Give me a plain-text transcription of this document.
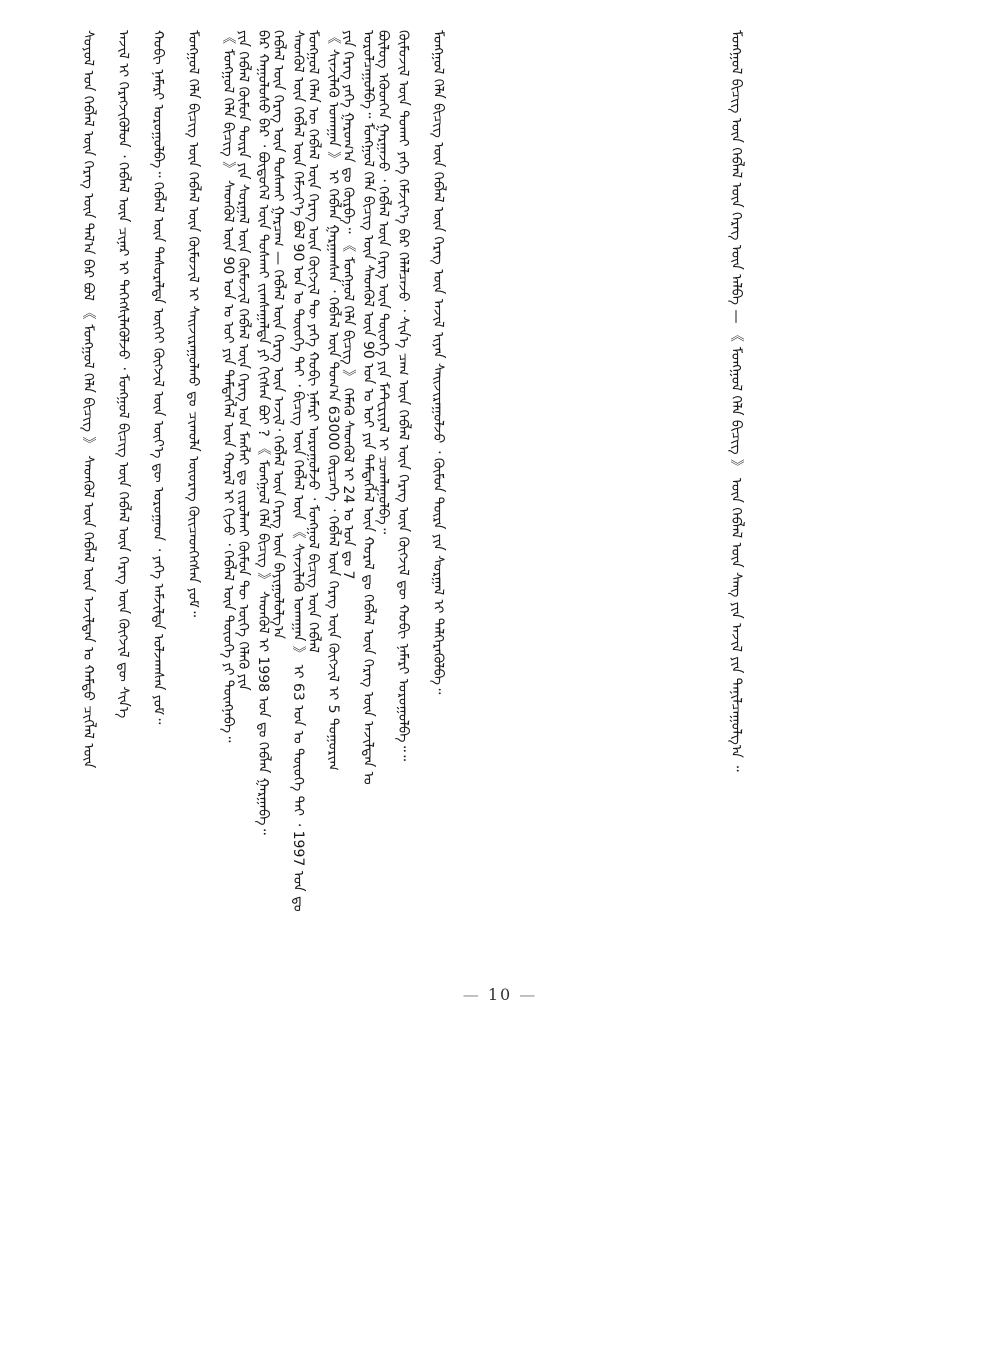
ᠶᠢᠨ ᠬᠡᠪᠯᠡᠯ ᠬᠦᠮᠦᠨ ᠲᠦᠷᠡ ᠶᠢᠨ ᠰᠤᠷᠭᠠᠯ ᠦᠨ ᠬᠥᠮᠦᠵᠢᠯ ᠬᠡᠪᠯᠡᠯ ᠦᠨ ᠬᠡᠷᠡᠭ ᠤᠨ ᠮᠠᠩᠯᠠᠶ ᠳᠤ ᠵᠢᠷᠤᠯᠬᠠᠢ ᠬᠦᠮᠦᠨ ᠲᠦ ᠦᠭᠡ ᠬᠡᠯᠡᠬᠦ ᠶᠢᠨ	ᠬᠡᠪᠯᠡᠯ ᠦᠨ ᠬᠡᠷᠡᠭ ᠦᠨ ᠲᠤᠰᠬᠠᠢ ᠭᠠᠷᠴᠠᠭ — ᠬᠡᠪᠯᠡᠯ ᠦᠨ ᠬᠡᠷᠡᠭ ᠦᠨ ᠠᠵᠢᠯ᠂ ᠬᠡᠪᠯᠡᠯ ᠦᠨ ᠬᠡᠷᠡᠭ ᠦᠨ ᠪᠠᠶᠢᠭᠤᠯᠤᠯᠭ᠎ᠠ	ᠮᠣᠩᠭᠤᠯ ᠬᠡᠯᠡᠨ ᠦ ᠬᠡᠪᠯᠡᠯ ᠦᠨ ᠬᠡᠷᠡᠭ ᠦᠨ ᠬᠥᠭᠵᠢᠯ ᠲᠦ ᠶᠡᠬᠡ ᠬᠤᠪᠢ ᠨᠡᠮᠡᠷᠢ ᠣᠷᠣᠭᠤᠯᠵᠤ ᠂ ᠮᠣᠩᠭᠤᠯ ᠪᠢᠴᠢᠭ ᠦᠨ ᠬᠡᠪᠯᠡᠯ	ᠶᠢᠨ ᠬᠡᠷᠡᠭ ᠶᠡᠬᠡ ᠭᠠᠷᠤᠭ᠎ᠠ ᠳᠤ ᠬᠦᠷᠪᠡ᠃ 《 ᠮᠣᠩᠭᠤᠯ ᠬᠡᠯᠡ ᠪᠢᠴᠢᠭ 》 ᠬᠡᠮᠡᠬᠦ ᠰᠡᠳᠬᠦᠯ ᠢ 24 ᠣ ᠣᠨ ᠳᠤ 7	ᠪᠦᠯᠦᠭ ᠡᠭᠦᠳᠬᠡᠨ ᠭᠠᠷᠭᠠᠵᠤ ᠂ ᠬᠡᠪᠯᠡᠯ ᠦᠨ ᠬᠡᠷᠡᠭ ᠦᠨ ᠲᠦᠦᠬᠡ ᠶᠢᠨ ᠮᠠᠲᠧᠷᠢᠶᠠᠯ ᠢ ᠴᠤᠭᠯᠠᠭᠤᠯᠪᠠ᠃	ᠮᠣᠩᠭᠤᠯ ᠪᠢᠴᠢᠭ ᠦᠨ ᠬᠡᠪᠯᠡᠯ ᠦᠨ ᠬᠡᠷᠡᠭ ᠦᠨ ᠠᠯᠪᠠ — 《 ᠮᠣᠩᠭᠤᠯ ᠬᠡᠯᠡ ᠪᠢᠴᠢᠭ 》 ᠦᠨ ᠬᠡᠪᠯᠡᠯ ᠦᠨ ᠰᠠᠩ ᠶᠢᠨ ᠠᠵᠢᠯ ᠶᠢᠨ ᠲᠠᠨᠢᠯᠴᠠᠭᠤᠯᠭ᠎ᠠ ᠃
ᠰᠣᠶᠤᠯ ᠤᠨ ᠬᠡᠪᠯᠡᠯ ᠦᠨ ᠬᠡᠷᠡᠭ ᠦᠨ ᠲᠠᠯ᠎ᠠ ᠪᠠᠷ ᠪᠣᠯ 《 ᠮᠣᠩᠭᠤᠯ ᠬᠡᠯᠡ ᠪᠢᠴᠢᠭ 》 ᠰᠡᠳᠬᠦᠯ ᠦᠨ ᠬᠡᠪᠯᠡᠯ ᠦᠨ ᠠᠵᠢᠯᠲᠠᠨ ᠤ ᠬᠠᠮᠲᠤ ᠴᠢᠭᠯᠡᠯ ᠦᠨ	ᠠᠵᠢᠯ ᠢ ᠬᠡᠷᠡᠭᠵᠢᠭᠦᠯᠦᠨ ᠂ ᠬᠡᠪᠯᠡᠯ ᠦᠨ ᠴᠢᠨᠠᠷ ᠢ ᠳᠡᠭᠡᠭᠰᠢᠯᠡᠭᠦᠯᠵᠦ ᠂ ᠮᠣᠩᠭᠤᠯ ᠪᠢᠴᠢᠭ ᠦᠨ ᠬᠡᠪᠯᠡᠯ ᠦᠨ ᠬᠡᠷᠡᠭ ᠦᠨ ᠬᠥᠭᠵᠢᠯ ᠳᠦ ᠰᠢᠨ᠎ᠡ	ᠬᠤᠪᠢ ᠨᠡᠮᠡᠷᠢ ᠣᠷᠣᠭᠤᠯᠪᠠ᠃ ᠬᠡᠪᠯᠡᠯ ᠦᠨ ᠲᠠᠰᠤᠷᠠᠯᠲᠠ ᠦᠭᠡᠢ ᠬᠦᠭᠵᠢᠯ ᠦᠨ ᠦᠶ᠎ᠡ ᠳᠦ ᠣᠷᠣᠭᠠᠳ ᠂ ᠶᠡᠬᠡ ᠠᠮᠵᠢᠯᠲᠠ ᠣᠯᠵᠠᠭᠰᠠᠨ ᠶᠤᠮ᠃	ᠮᠣᠩᠭᠤᠯ ᠬᠡᠯᠡ ᠪᠢᠴᠢᠭ ᠦᠨ ᠬᠡᠪᠯᠡᠯ ᠦᠨ ᠬᠥᠮᠦᠵᠢᠯ ᠢ ᠰᠠᠢᠵᠢᠷᠠᠭᠤᠯᠬᠤ ᠳᠤ ᠴᠢᠬᠤᠯᠠ ᠦᠦᠷᠡᠭ ᠭᠦᠢᠴᠡᠳᠬᠡᠭᠰᠡᠨ ᠶᠤᠮ᠃	《 ᠮᠣᠩᠭᠤᠯ ᠬᠡᠯᠡ ᠪᠢᠴᠢᠭ 》 ᠰᠡᠳᠬᠦᠯ ᠦᠨ 90 ᠣᠨ ᠤ ᠣᠢ ᠶᠢᠨ ᠲᠡᠮᠳᠡᠭᠯᠡᠯ ᠦᠨ ᠬᠤᠷᠠᠯ ᠢ ᠬᠢᠵᠦ ᠂ ᠬᠡᠪᠯᠡᠯ ᠦᠨ ᠲᠦᠦᠬᠡ ᠶᠢ ᠳᠦᠩᠨᠡᠪᠡ᠃	ᠪᠠᠷ ᠬᠠᠭᠤᠯᠤᠰᠤ ᠪᠠᠷ ᠂ ᠪᠦᠲᠦᠭᠡᠯ ᠦᠨ ᠲᠤᠰᠬᠠᠢ ᠵᠢᠭᠰᠠᠭᠠᠯᠲᠠ ᠶᠢ ᠬᠢᠭᠰᠡᠨ ᠪᠤᠢ ? 《 ᠮᠣᠩᠭᠤᠯ ᠬᠡᠯᠡ ᠪᠢᠴᠢᠭ 》 ᠰᠡᠳᠬᠦᠯ ᠢ 1998 ᠣᠨ ᠳᠤ ᠬᠡᠪᠯᠡᠨ ᠭᠠᠷᠭᠠᠪᠠ᠃	ᠰᠡᠳᠬᠦᠯ ᠦᠨ ᠬᠡᠪᠯᠡᠯ ᠦᠨ ᠬᠡᠮᠵᠢᠶ᠎ᠡ ᠪᠣᠯ 90 ᠣᠨ ᠤ ᠲᠦᠦᠬᠡ ᠲᠠᠢ ᠂ ᠪᠢᠴᠢᠭ᠌ ᠦᠨ ᠬᠡᠪᠯᠡᠯ ᠦᠨ 《 ᠰᠢᠨᠵᠢᠯᠡᠬᠦ ᠤᠬᠠᠭᠠᠨ 》 ᠢ 63 ᠣᠨ ᠤ ᠲᠦᠦᠬᠡ ᠲᠠᠢ ᠂ 1997 ᠣᠨ ᠳᠤ	《 ᠰᠢᠨᠵᠢᠯᠡᠬᠦ ᠤᠬᠠᠭᠠᠨ 》 ᠢ ᠬᠡᠪᠯᠡᠨ ᠭᠠᠷᠭᠠᠭᠰᠠᠨ ᠂ ᠬᠡᠪᠯᠡᠯ ᠦᠨ ᠲᠣᠭ᠎ᠠ 63000 ᠬᠦᠷᠴᠡᠭᠡ ᠂ ᠬᠡᠪᠯᠡᠯ ᠦᠨ ᠬᠡᠷᠡᠭ ᠦᠨ ᠬᠥᠭᠵᠢᠯ ᠢ 5 ᠲᠤᠭᠤᠷᠢᠭ	ᠣᠷᠣᠯᠴᠠᠭᠤᠯᠪᠠ᠃ ᠮᠣᠩᠭᠤᠯ ᠬᠡᠯᠡ ᠪᠢᠴᠢᠭ ᠦᠨ ᠰᠡᠳᠬᠦᠯ ᠦᠨ 90 ᠣᠨ ᠤ ᠣᠢ ᠶᠢᠨ ᠲᠡᠮᠳᠡᠭᠯᠡᠯ ᠦᠨ ᠬᠤᠷᠠᠯ ᠳᠤ ᠬᠡᠪᠯᠡᠯ ᠦᠨ ᠬᠡᠷᠡᠭ ᠦᠨ ᠠᠵᠢᠯᠲᠠᠨ ᠤ	ᠬᠥᠮᠦᠵᠢᠯ ᠦᠨ ᠲᠤᠬᠠᠢ ᠶᠡᠬᠡ ᠬᠡᠮᠵᠢᠶ᠎ᠡ ᠪᠡᠷ ᠬᠡᠯᠡᠯᠴᠡᠵᠦ ᠂ ᠰᠢᠨ᠎ᠡ ᠴᠠᠭ ᠦᠨ ᠬᠡᠪᠯᠡᠯ ᠦᠨ ᠬᠡᠷᠡᠭ ᠦᠨ ᠬᠥᠭᠵᠢᠯ ᠳᠦ ᠬᠤᠪᠢ ᠨᠡᠮᠡᠷᠢ ᠣᠷᠣᠭᠤᠯᠪᠠ᠃᠃	ᠮᠣᠩᠭᠤᠯ ᠬᠡᠯᠡ ᠪᠢᠴᠢᠭ ᠦᠨ ᠬᠡᠪᠯᠡᠯ ᠦᠨ ᠬᠡᠷᠡᠭ ᠦᠨ ᠠᠵᠢᠯ ᠢᠶᠠᠨ ᠰᠠᠢᠵᠢᠷᠠᠭᠤᠯᠵᠤ ᠂ ᠬᠦᠮᠦᠨ ᠲᠦᠷᠡ ᠶᠢᠨ ᠰᠤᠷᠭᠠᠯ ᠢ ᠳᠡᠯᠭᠡᠷᠡᠭᠦᠯᠪᠡ᠃
— 10 —
